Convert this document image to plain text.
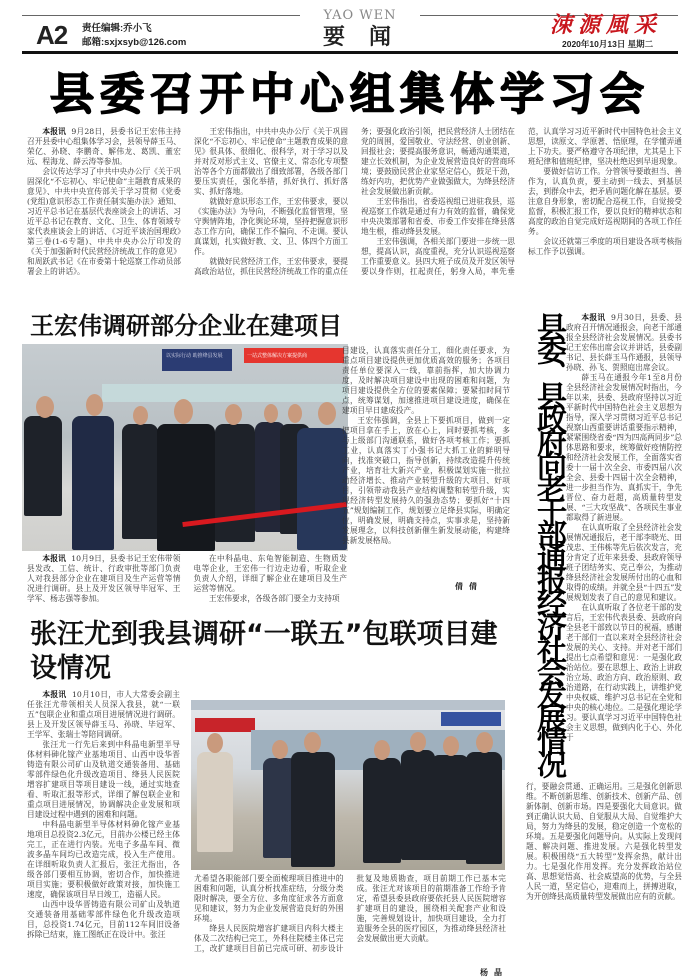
YAO WEN
A2 责任编辑:乔小飞
邮箱:sxjxsyb@126.com	要闻	涑源風采
2020年10月13日 星期二
县委召开中心组集体学习会

本报讯 9月28日，县委书记王宏伟主持召开县委中心组集体学习会，县领导薛玉马、荣亿、孙晓、李鹏奇、解伟龙、葛凯、董宏远、程海龙、薛云涛等参加。

会议传达学习了中共中央办公厅《关于巩固深化“不忘初心、牢记使命”主题教育成果的意见》、中共中央宣传部关于学习贯彻《党委(党组)意识形态工作责任制实施办法》通知、习近平总书记在基层代表座谈会上的讲话、习近平总书记在教育、文化、卫生、体育领域专家代表座谈会上的讲话、《习近平谈治国理政》第三卷(1-6专题)、中共中央办公厅印发的《关于加强新时代民营经济统战工作的意见》和周跃武书记《在市委第十轮巡察工作动员部署会上的讲话》。

王宏伟指出，中共中央办公厅《关于巩固深化“不忘初心、牢记使命”主题教育成果的意见》很具体、很细化、很科学，对于学习以及并对反对形式主义、官僚主义、常态化专项整治等各个方面都做出了细致部署，各级各部门要压实责任，强化举措，抓好执行、抓好落实、抓好落地。

就做好意识形态工作，王宏伟要求，要以《实施办法》为导向，不断强化监督管理，坚守舆情阵地，净化舆论环境，坚持把握意识形态工作方向，确保工作不偏向、不走调。要认真谋划，扎实做好教、文、卫、体四个方面工作。

就做好民营经济工作，王宏伟要求，要提高政治站位，抓住民营经济统战工作的重点任务；要强化政治引领，把民营经济人士团结在党的周围，爱国敬业、守法经营、创业创新、回报社会；要提高服务意识，畅通沟通渠道，建立长效机制，为企业发展营造良好的营商环境；要鼓励民营企业家坚定信心，鼓足干劲，练好内功，把优势产业做强做大，为绛县经济社会发展做出新贡献。

王宏伟指出，省委巡视组已进驻我县，巡视巡察工作就是通过有力有效的监督，确保党中央决策部署和省委、市委工作安排在绛县落地生根，推动绛县发展。

王宏伟强调，各相关部门要进一步统一思想，提高认识，高度重视，充分认识巡视巡察工作重要意义。县四大班子成员及开发区领导要以身作则，扛起责任，躬身入局，率先垂范，认真学习习近平新时代中国特色社会主义思想，读原文、学原著、悟原理，在学懂弄通上下功夫。要严格遵守各项纪律，尤其是上下班纪律和值班纪律，坚决杜绝迟到早退现象。

要做好信访工作。分管领导要敢担当、善作为，认真负责，要主动到一线去、到基层去，到群众中去，把矛盾问题化解在基层。要注意自身形象，密切配合巡视工作，自觉接受监督，积极汇报工作，要以良好的精神状态和高度的政治自觉完成好巡视期间的各项工作任务。

会议还就第三季度的项目建设各项考核指标工作予以强调。

王宏伟调研部分企业在建项目
以实际行动 助推绛县发展	一站式整体解决方案提供商

本报讯 10月9日，县委书记王宏伟带领县发改、工信、统计、行政审批等部门负责人对我县部分企业在建项目及生产运营等情况进行调研。县上及开发区领导毕冠军、王学军、杨志强等参加。

在中科晶电、东龟智能制造、生物质发电等企业，王宏伟一行边走边看，听取企业负责人介绍，详细了解企业在建项目及生产运营等情况。

王宏伟要求，各级各部门要全力支持项

目建设，认真落实责任分工，细化责任要求，为重点项目建设提供更加优质高效的服务；各项目责任单位要深入一线，靠前指挥，加大协调力度，及时解决项目建设中出现的困难和问题，为项目建设提供全方位的要素保障；要紧扣时间节点，统筹谋划，加速推进项目建设进度，确保在建项目早日建成投产。

王宏伟强调，全县上下要抓项目，做到一定把项目拿在手上，放在心上，同时要抓考核，多与上级部门沟通联系，做好各项考核工作；要抓工业，认真落实丁小强书记大抓工业的鲜明导向，找准突破口，指导创新，持续改造提升传统产业，培育壮大新兴产业，积极谋划实施一批拉动经济增长、推动产业转型升级的大项目、好项目，引领带动我县产业结构调整和转型升级，实现经济转型发展持久的强劲态势；要抓好“十四五”规划编制工作，规划要立足绛县实际，明确定位，明确发展，明确支持点，实事求是，坚持新发展理念，以科技创新催生新发展动能，构建绛县新发展格局。

倩倩
张汪尤到我县调研“一联五”包联项目建设情况

本报讯 10月10日，市人大常委会副主任张汪尤带领相关人员深入我县，就“一联五”包联企业和重点项目进展情况进行调研。县上及开发区领导薛玉马、孙晓、毕冠军、王学军、张瑞士等陪同调研。

张汪尤一行先后来到中科晶电新型半导体材料砷化镓产业基地项目、山西中设华晋铸造有限公司矿山及轨道交通装备用、基础零部件绿色化升级改造项目、绛县人民医院增容扩建项目等项目建设一线，通过实地查看、听取汇报等形式，详细了解包联企业和重点项目进展情况，协调解决企业发展和项目建设过程中遇到的困难和问题。

中科晶电新型半导体材料砷化镓产业基地项目总投资2.3亿元，目前办公楼已经主体完工，正在进行内装。光电子多晶车间、微波多晶车间均已改造完成，投入生产使用。在详细听取负责人汇报后，张汪尤指出，各级各部门要相互协调，密切合作，加快推进项目实施；要积极做好政策对接，加快施工速度，确保该项目早日竣工，造福人民。

山西中设华晋铸造有限公司矿山及轨道交通装备用基础零部件绿色化升级改造项目，总投资1.74亿元，目前112车间旧设备拆除已结束，施工图纸正在设计中。张汪

尤希望各职能部门要全面梳理项目推进中的困难和问题，认真分析找准症结，分级分类限时解决，要全方位、多角度征求各方面意见和建议，努力为企业发展营造良好的外围环境。

绛县人民医院增容扩建项目内科大楼主体及二次结构已完工，外科住院楼主体已完工，改扩建项目目前已完成可研、初步设计批复及地质勘查，项目前期工作已基本完成。张汪尤对该项目的前期准备工作给予肯定，希望县委县政府要依托县人民医院增容扩建项目的建设，围绕相关配套产业和设施，完善规划设计，加快项目建设，全力打造服务全县的医疗园区，为推动绛县经济社会发展做出更大贡献。

杨晶
县委、县政府向老干部通报经济社会发展情况	本报讯 9月30日，县委、县政府召开情况通报会，向老干部通报全县经济社会发展情况。县委书记王宏伟出席会议并讲话，县委副书记、县长薛玉马作通报，县领导孙晓、孙飞、贺照庭出席会议。

薛玉马在通报今年1至8月份全县经济社会发展情况时指出，今年以来，县委、县政府坚持以习近平新时代中国特色社会主义思想为指导，深入学习贯彻习近平总书记视察山西重要讲话重要指示精神，紧紧围绕省委“四为四高两同步”总体思路和要求，统筹做好疫情防控和经济社会发展工作，全面落实省委十一届十次全会、市委四届八次全会、县委十四届十次全会精神，进一步担当作为、真抓实干，争先晋位、奋力赶超，高质量转型发展、“三大攻坚战”、各项民生事业都取得了新进展。

在认真听取了全县经济社会发展情况通报后，老干部李晓光、田茂忠、王伟栋等先后依次发言，充分肯定了近年来县委、县政府领导班子团结务实、克己奉公，为推动绛县经济社会发展所付出的心血和取得的成绩。并就全县“十四五”发展规划发表了自己的意见和建议。

在认真听取了各位老干部的发言后，王宏伟代表县委、县政府向全县老干部致以节日的祝福，感谢老干部们一直以来对全县经济社会发展的关心、支持。并对老干部们提出七点希望和意见：一是强化政治站位。要在思想上、政治上讲政治立场、政治方向、政治原则、政治道路，在行动实践上，讲维护党中央权威、维护习总书记在全党和中央的核心地位。二是强化理论学习。要认真学习习近平中国特色社会主义思想，做到内化于心、外化于

行，要融会贯通、正确运用。三是强化创新思维。不断创新思维、创新技术、创新产品、创新体制、创新市场。四是要强化大局意识。做到正确认识大局、自觉服从大局、自觉维护大局，努力为绛县的发展，稳定创造一个宽松的环境。五是要强化问题导向。从实际上发现问题、解决问题、推进发展。六是强化转型发展。积极围绕“五大转型”发挥余热，献计出力。七是强化作用发挥。充分发挥政治站位高、思想觉悟高、社会威望高的优势，与全县人民一道，坚定信心，迎难而上，拼搏进取，为开创绛县高质量转型发展做出应有的贡献。
